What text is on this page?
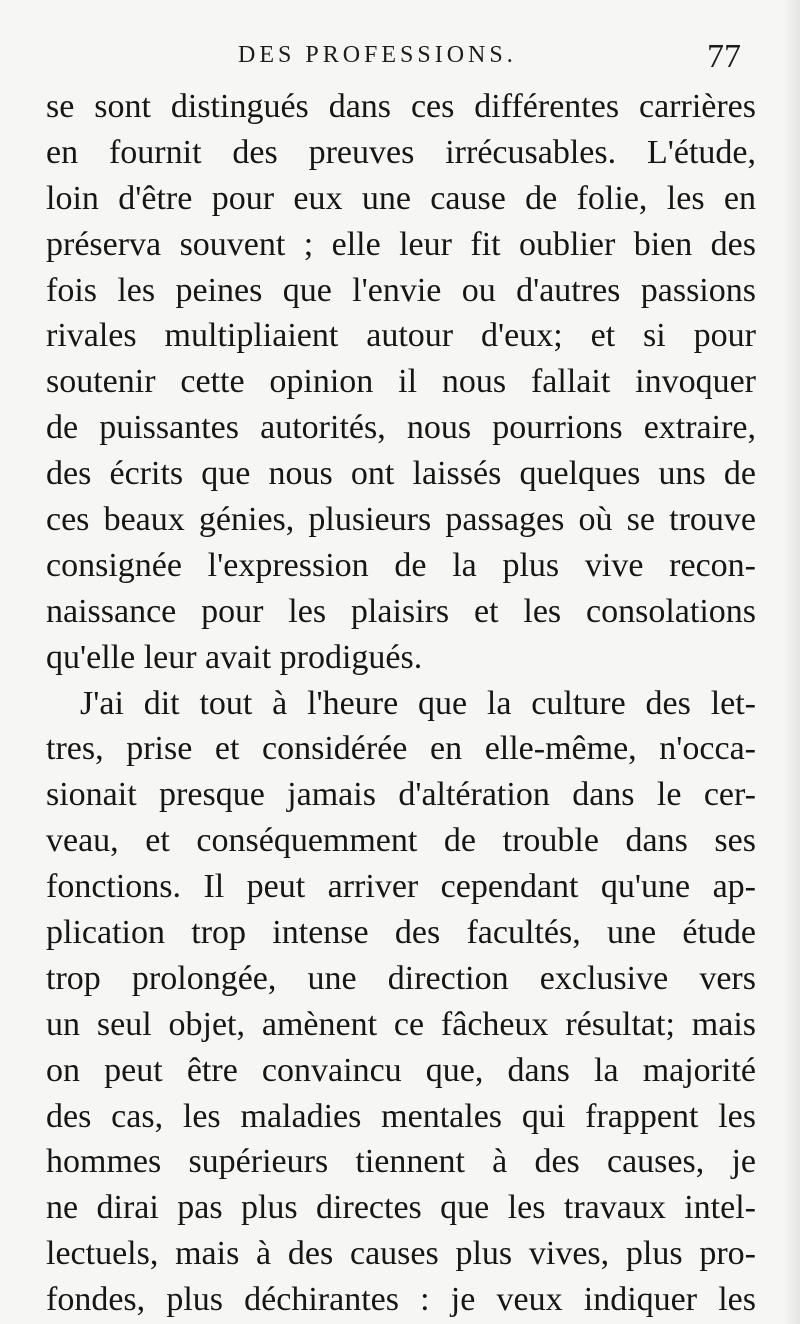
DES PROFESSIONS.	77
se sont distingués dans ces différentes carrières
en fournit des preuves irrécusables. L'étude,
loin d'être pour eux une cause de folie, les en
préserva souvent ; elle leur fit oublier bien des
fois les peines que l'envie ou d'autres passions
rivales multipliaient autour d'eux; et si pour
soutenir cette opinion il nous fallait invoquer
de puissantes autorités, nous pourrions extraire,
des écrits que nous ont laissés quelques uns de
ces beaux génies, plusieurs passages où se trouve
consignée l'expression de la plus vive recon-
naissance pour les plaisirs et les consolations
qu'elle leur avait prodigués.
J'ai dit tout à l'heure que la culture des let-
tres, prise et considérée en elle-même, n'occa-
sionait presque jamais d'altération dans le cer-
veau, et conséquemment de trouble dans ses
fonctions. Il peut arriver cependant qu'une ap-
plication trop intense des facultés, une étude
trop prolongée, une direction exclusive vers
un seul objet, amènent ce fâcheux résultat; mais
on peut être convaincu que, dans la majorité
des cas, les maladies mentales qui frappent les
hommes supérieurs tiennent à des causes, je
ne dirai pas plus directes que les travaux intel-
lectuels, mais à des causes plus vives, plus pro-
fondes, plus déchirantes : je veux indiquer les
